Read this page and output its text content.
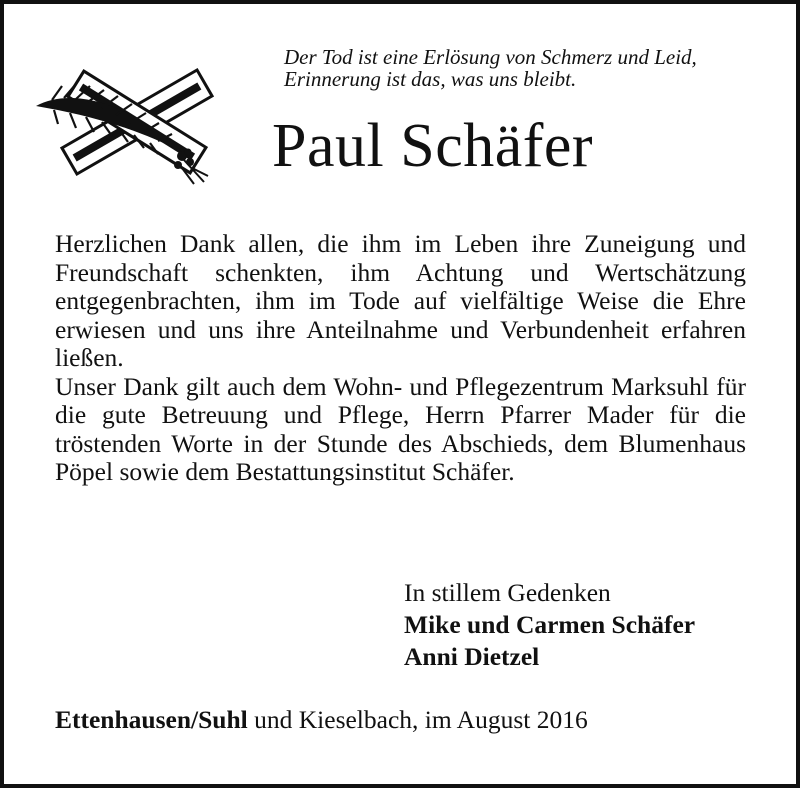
Der Tod ist eine Erlösung von Schmerz und Leid,
Erinnerung ist das, was uns bleibt.
Paul Schäfer

Herzlichen Dank allen, die ihm im Leben ihre Zuneigung und Freundschaft schenkten, ihm Achtung und Wertschätzung entgegenbrachten, ihm im Tode auf vielfältige Weise die Ehre erwiesen und uns ihre Anteilnahme und Verbundenheit erfahren ließen.

Unser Dank gilt auch dem Wohn- und Pflegezentrum Marksuhl für die gute Betreuung und Pflege, Herrn Pfarrer Mader für die tröstenden Worte in der Stunde des Abschieds, dem Blumenhaus Pöpel sowie dem Bestattungsinstitut Schäfer.

In stillem Gedenken
Mike und Carmen Schäfer
Anni Dietzel
Ettenhausen/Suhl und Kieselbach, im August 2016
